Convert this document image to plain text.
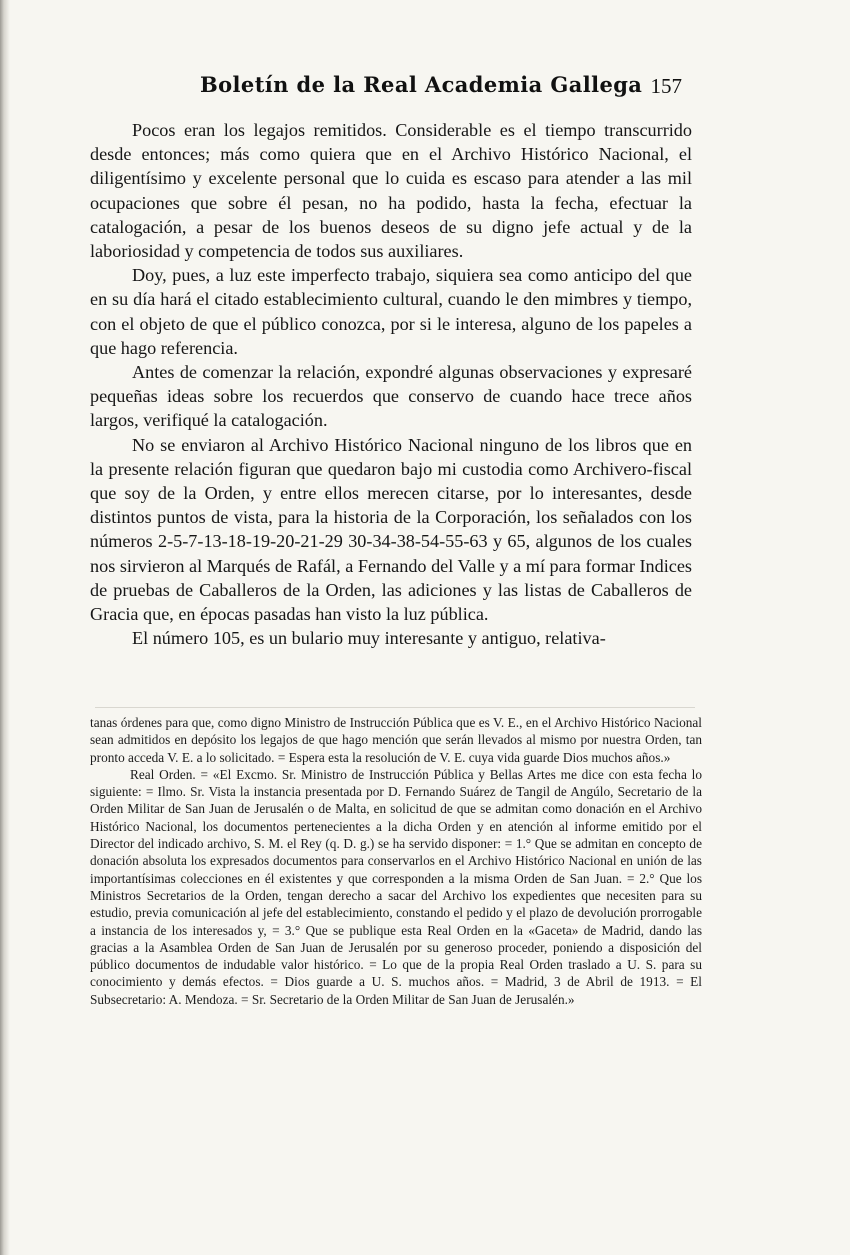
Boletín de la Real Academia Gallega 157

Pocos eran los legajos remitidos. Considerable es el tiempo transcurrido desde entonces; más como quiera que en el Archivo Histórico Nacional, el diligentísimo y excelente personal que lo cuida es escaso para atender a las mil ocupaciones que sobre él pesan, no ha podido, hasta la fecha, efectuar la catalogación, a pesar de los buenos deseos de su digno jefe actual y de la laboriosidad y competencia de todos sus auxiliares.

Doy, pues, a luz este imperfecto trabajo, siquiera sea como anticipo del que en su día hará el citado establecimiento cultural, cuando le den mimbres y tiempo, con el objeto de que el público conozca, por si le interesa, alguno de los papeles a que hago referencia.

Antes de comenzar la relación, expondré algunas observaciones y expresaré pequeñas ideas sobre los recuerdos que conservo de cuando hace trece años largos, verifiqué la catalogación.

No se enviaron al Archivo Histórico Nacional ninguno de los libros que en la presente relación figuran que quedaron bajo mi custodia como Archivero-fiscal que soy de la Orden, y entre ellos merecen citarse, por lo interesantes, desde distintos puntos de vista, para la historia de la Corporación, los señalados con los números 2-5-7-13-18-19-20-21-29 30-34-38-54-55-63 y 65, algunos de los cuales nos sirvieron al Marqués de Rafál, a Fernando del Valle y a mí para formar Indices de pruebas de Caballeros de la Orden, las adiciones y las listas de Caballeros de Gracia que, en épocas pasadas han visto la luz pública.

El número 105, es un bulario muy interesante y antiguo, relativa-

tanas órdenes para que, como digno Ministro de Instrucción Pública que es V. E., en el Archivo Histórico Nacional sean admitidos en depósito los legajos de que hago mención que serán llevados al mismo por nuestra Orden, tan pronto acceda V. E. a lo solicitado. = Espera esta la resolución de V. E. cuya vida guarde Dios muchos años.»

Real Orden. = «El Excmo. Sr. Ministro de Instrucción Pública y Bellas Artes me dice con esta fecha lo siguiente: = Ilmo. Sr. Vista la instancia presentada por D. Fernando Suárez de Tangil de Angúlo, Secretario de la Orden Militar de San Juan de Jerusalén o de Malta, en solicitud de que se admitan como donación en el Archivo Histórico Nacional, los documentos pertenecientes a la dicha Orden y en atención al informe emitido por el Director del indicado archivo, S. M. el Rey (q. D. g.) se ha servido disponer: = 1.° Que se admitan en concepto de donación absoluta los expresados documentos para conservarlos en el Archivo Histórico Nacional en unión de las importantísimas colecciones en él existentes y que corresponden a la misma Orden de San Juan. = 2.° Que los Ministros Secretarios de la Orden, tengan derecho a sacar del Archivo los expedientes que necesiten para su estudio, previa comunicación al jefe del establecimiento, constando el pedido y el plazo de devolución prorrogable a instancia de los interesados y, = 3.° Que se publique esta Real Orden en la «Gaceta» de Madrid, dando las gracias a la Asamblea Orden de San Juan de Jerusalén por su generoso proceder, poniendo a disposición del público documentos de indudable valor histórico. = Lo que de la propia Real Orden traslado a U. S. para su conocimiento y demás efectos. = Dios guarde a U. S. muchos años. = Madrid, 3 de Abril de 1913. = El Subsecretario: A. Mendoza. = Sr. Secretario de la Orden Militar de San Juan de Jerusalén.»
